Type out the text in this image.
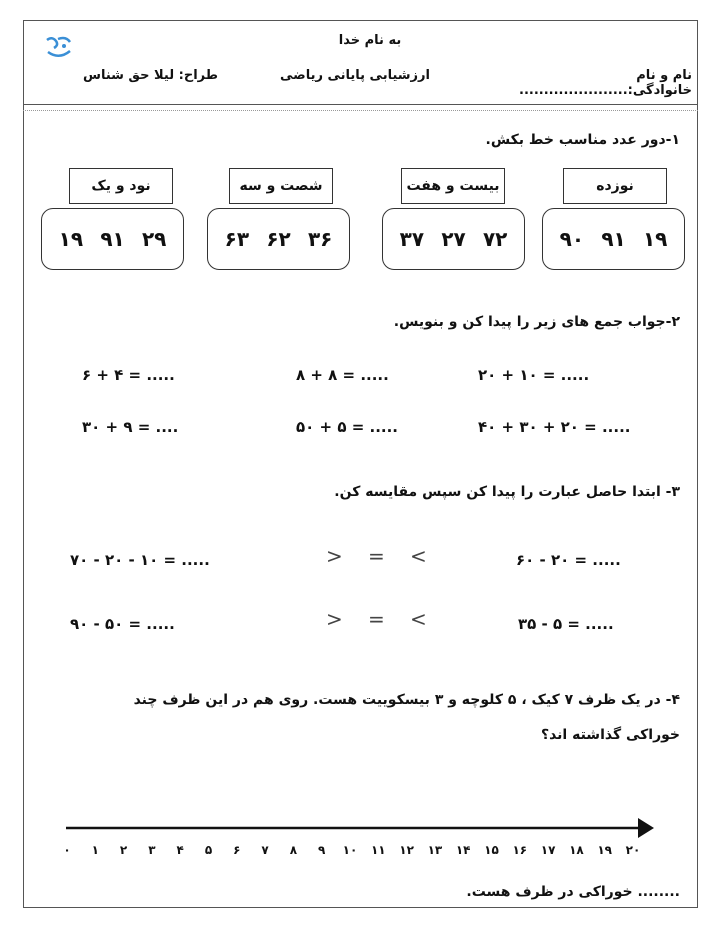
به نام خدا
نام و نام خانوادگی:......................
ارزشیابی پایانی ریاضی
طراح: لیلا حق شناس
۱-دور عدد مناسب خط بکش.
نوزده
۱۹
۹۱
۹۰
بیست و هفت
۷۲
۲۷
۳۷
شصت و سه
۳۶
۶۲
۶۳
نود و یک
۲۹
۹۱
۱۹
۲-جواب جمع های زیر را پیدا کن و بنویس.
۲۰ + ۱۰ = .....
۸ + ۸ = .....
۶ + ۴ = .....
۴۰ + ۳۰ + ۲۰ = .....
۵۰ + ۵ = .....
۳۰ + ۹ = ....
۳- ابتدا حاصل عبارت را پیدا کن سپس مقایسه کن.
۶۰ - ۲۰ = .....
<
=
>
۷۰ - ۲۰ - ۱۰ = .....
۳۵ - ۵ = .....
<
=
>
۹۰ - ۵۰ = .....
۴- در یک ظرف ۷ کیک ، ۵ کلوچه و ۳ بیسکوییت هست. روی هم در این ظرف چند
خوراکی گذاشته اند؟
۰ ۱ ۲ ۳ ۴ ۵ ۶ ۷ ۸ ۹ ۱۰ ۱۱ ۱۲ ۱۳ ۱۴ ۱۵ ۱۶ ۱۷ ۱۸ ۱۹ ۲۰
........ خوراکی در ظرف هست.
